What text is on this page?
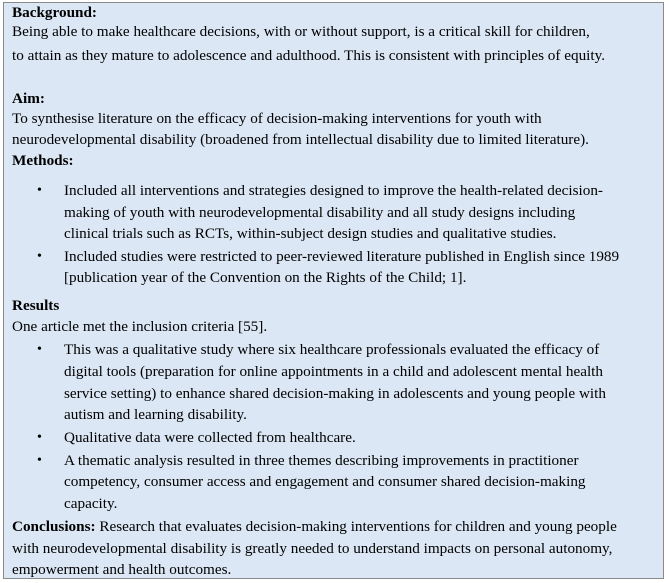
Background:
Being able to make healthcare decisions, with or without support, is a critical skill for children,
to attain as they mature to adolescence and adulthood. This is consistent with principles of equity.
Aim:
To synthesise literature on the efficacy of decision-making interventions for youth with
neurodevelopmental disability (broadened from intellectual disability due to limited literature).
Methods:
• Included all interventions and strategies designed to improve the health-related decision-
making of youth with neurodevelopmental disability and all study designs including
clinical trials such as RCTs, within-subject design studies and qualitative studies.
• Included studies were restricted to peer-reviewed literature published in English since 1989
[publication year of the Convention on the Rights of the Child; 1].
Results
One article met the inclusion criteria [55].
• This was a qualitative study where six healthcare professionals evaluated the efficacy of
digital tools (preparation for online appointments in a child and adolescent mental health
service setting) to enhance shared decision-making in adolescents and young people with
autism and learning disability.
• Qualitative data were collected from healthcare.
• A thematic analysis resulted in three themes describing improvements in practitioner
competency, consumer access and engagement and consumer shared decision-making
capacity.
Conclusions: Research that evaluates decision-making interventions for children and young people
with neurodevelopmental disability is greatly needed to understand impacts on personal autonomy,
empowerment and health outcomes.
